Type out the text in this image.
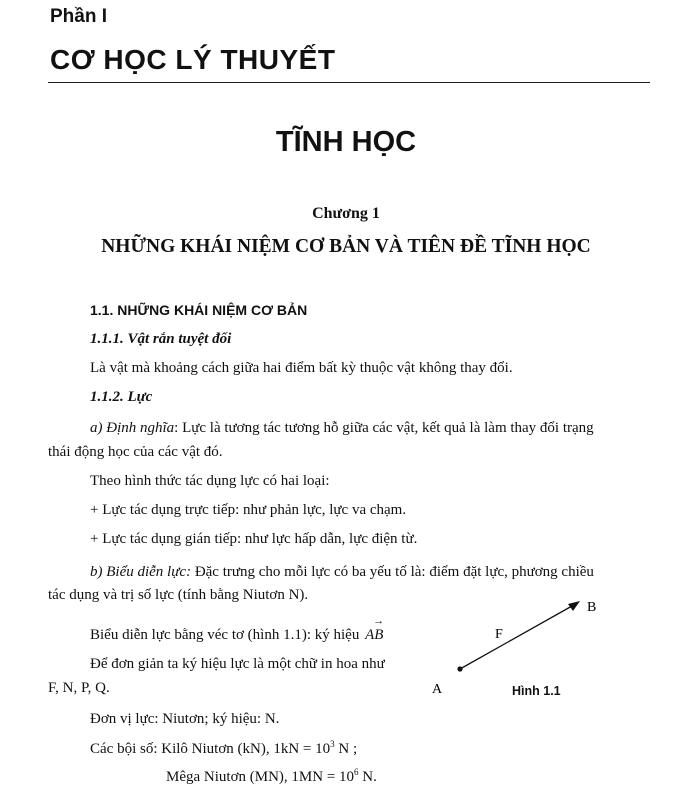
Phần I
CƠ HỌC LÝ THUYẾT
TĨNH HỌC
Chương 1
NHỮNG KHÁI NIỆM CƠ BẢN VÀ TIÊN ĐỀ TĨNH HỌC
1.1. NHỮNG KHÁI NIỆM CƠ BẢN
1.1.1. Vật rắn tuyệt đối
Là vật mà khoảng cách giữa hai điểm bất kỳ thuộc vật không thay đổi.
1.1.2. Lực
a) Định nghĩa: Lực là tương tác tương hỗ giữa các vật, kết quả là làm thay đổi trạng
thái động học của các vật đó.
Theo hình thức tác dụng lực có hai loại:
+ Lực tác dụng trực tiếp: như phản lực, lực va chạm.
+ Lực tác dụng gián tiếp: như lực hấp dẫn, lực điện từ.
b) Biểu diễn lực: Đặc trưng cho mỗi lực có ba yếu tố là: điểm đặt lực, phương chiều
tác dụng và trị số lực (tính bằng Niutơn N).
Biểu diễn lực bằng véc tơ (hình 1.1): ký hiệu → AB
Để đơn giản ta ký hiệu lực là một chữ in hoa như
F, N, P, Q.
Đơn vị lực: Niutơn; ký hiệu: N.
Các bội số: Kilô Niutơn (kN), $1kN = 10^3$ N ;
Mêga Niutơn (MN), $1MN = 10^6$ N.
B
F
A	Hình 1.1
